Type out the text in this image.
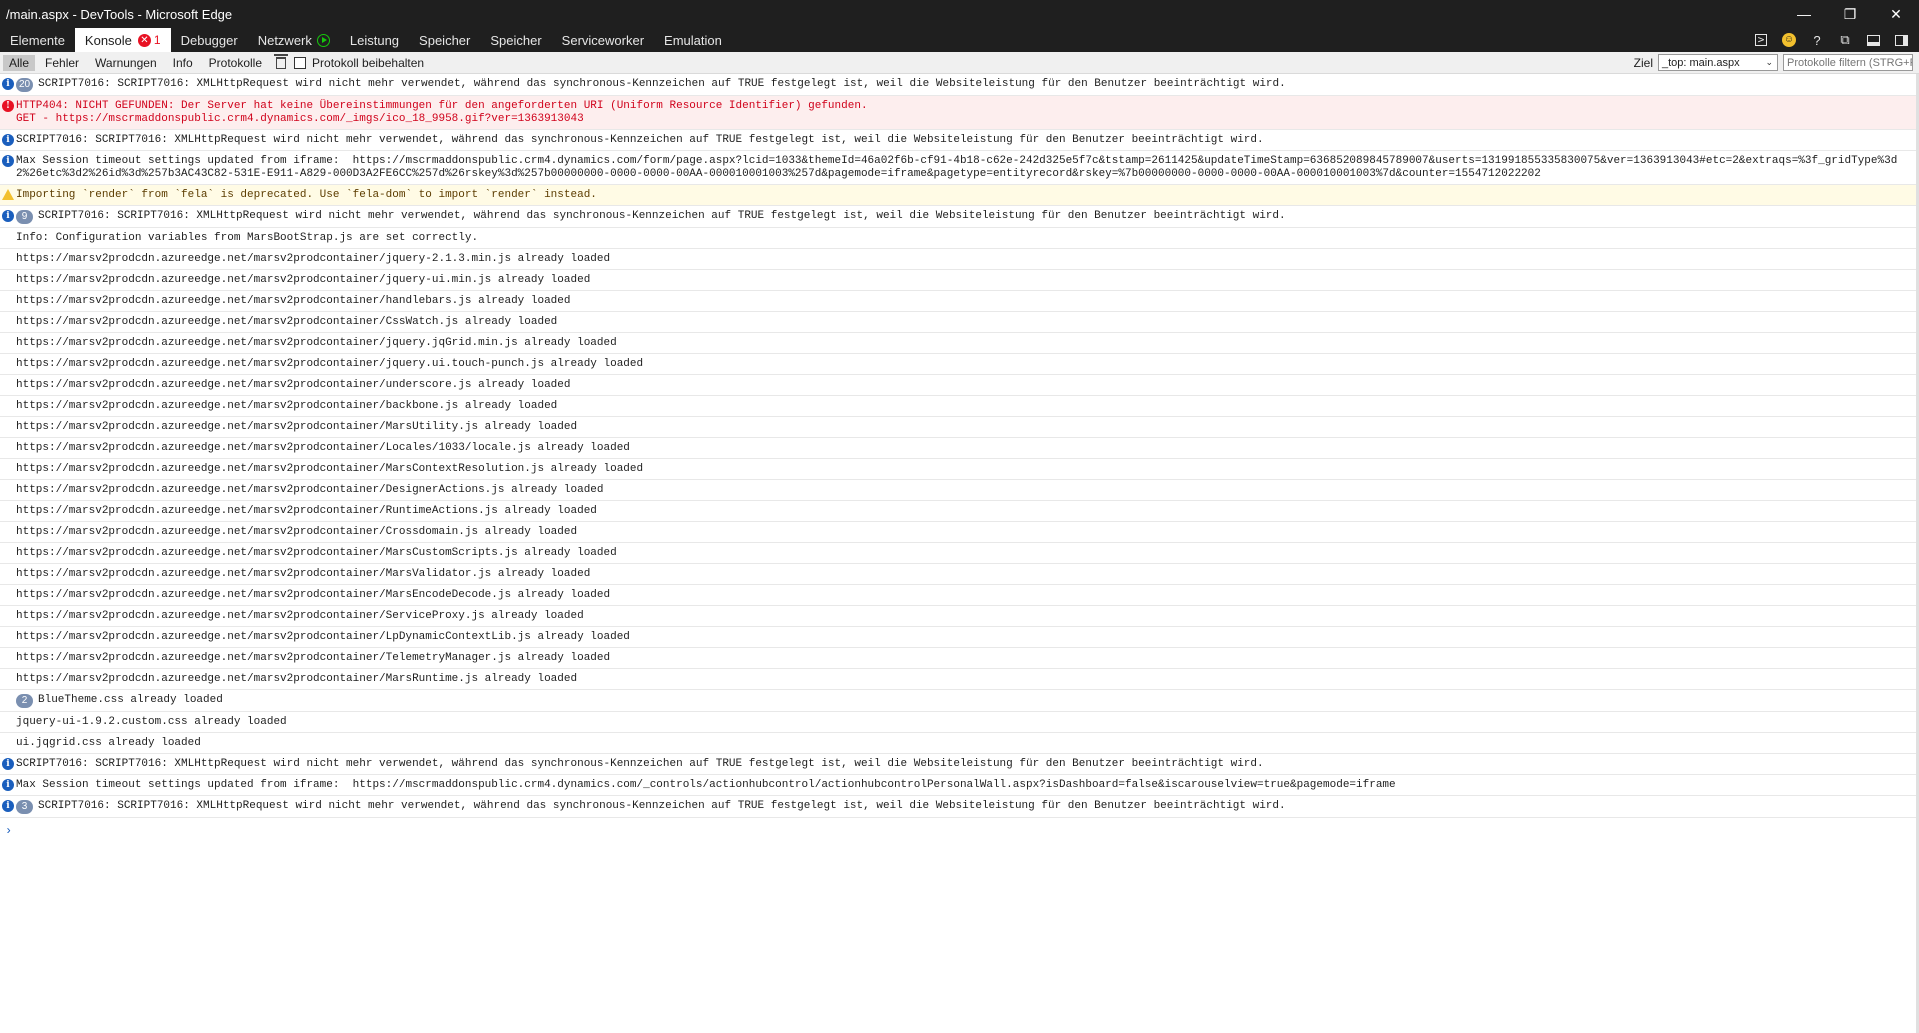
/main.aspx - DevTools - Microsoft Edge	—	❐	✕
Elemente Konsole ✕ 1 Debugger Netzwerk	Leistung Speicher Speicher Serviceworker Emulation	>	☺ ? ⧉
Alle	Fehler	Warnungen	Info	Protokolle	Protokoll beibehalten	Ziel _top: main.aspx	⌄
Protokolle filtern (STRG+F)
i 20 SCRIPT7016: SCRIPT7016: XMLHttpRequest wird nicht mehr verwendet, während das synchronous-Kennzeichen auf TRUE festgelegt ist, weil die Websiteleistung für den Benutzer beeinträchtigt wird.
! HTTP404: NICHT GEFUNDEN: Der Server hat keine Übereinstimmungen für den angeforderten URI (Uniform Resource Identifier) gefunden.
GET - https://mscrmaddonspublic.crm4.dynamics.com/_imgs/ico_18_9958.gif?ver=1363913043
i SCRIPT7016: SCRIPT7016: XMLHttpRequest wird nicht mehr verwendet, während das synchronous-Kennzeichen auf TRUE festgelegt ist, weil die Websiteleistung für den Benutzer beeinträchtigt wird.
i Max Session timeout settings updated from iframe:  https://mscrmaddonspublic.crm4.dynamics.com/form/page.aspx?lcid=1033&themeId=46a02f6b-cf91-4b18-c62e-242d325e5f7c&tstamp=2611425&updateTimeStamp=636852089845789007&userts=131991855335830075&ver=1363913043#etc=2&extraqs=%3f_gridType%3d2%26etc%3d2%26id%3d%257b3AC43C82-531E-E911-A829-000D3A2FE6CC%257d%26rskey%3d%257b00000000-0000-0000-00AA-000010001003%257d&pagemode=iframe&pagetype=entityrecord&rskey=%7b00000000-0000-0000-00AA-000010001003%7d&counter=1554712022202
Importing `render` from `fela` is deprecated. Use `fela-dom` to import `render` instead.
i	9 SCRIPT7016: SCRIPT7016: XMLHttpRequest wird nicht mehr verwendet, während das synchronous-Kennzeichen auf TRUE festgelegt ist, weil die Websiteleistung für den Benutzer beeinträchtigt wird.
Info: Configuration variables from MarsBootStrap.js are set correctly.
https://marsv2prodcdn.azureedge.net/marsv2prodcontainer/jquery-2.1.3.min.js already loaded
https://marsv2prodcdn.azureedge.net/marsv2prodcontainer/jquery-ui.min.js already loaded
https://marsv2prodcdn.azureedge.net/marsv2prodcontainer/handlebars.js already loaded
https://marsv2prodcdn.azureedge.net/marsv2prodcontainer/CssWatch.js already loaded
https://marsv2prodcdn.azureedge.net/marsv2prodcontainer/jquery.jqGrid.min.js already loaded
https://marsv2prodcdn.azureedge.net/marsv2prodcontainer/jquery.ui.touch-punch.js already loaded
https://marsv2prodcdn.azureedge.net/marsv2prodcontainer/underscore.js already loaded
https://marsv2prodcdn.azureedge.net/marsv2prodcontainer/backbone.js already loaded
https://marsv2prodcdn.azureedge.net/marsv2prodcontainer/MarsUtility.js already loaded
https://marsv2prodcdn.azureedge.net/marsv2prodcontainer/Locales/1033/locale.js already loaded
https://marsv2prodcdn.azureedge.net/marsv2prodcontainer/MarsContextResolution.js already loaded
https://marsv2prodcdn.azureedge.net/marsv2prodcontainer/DesignerActions.js already loaded
https://marsv2prodcdn.azureedge.net/marsv2prodcontainer/RuntimeActions.js already loaded
https://marsv2prodcdn.azureedge.net/marsv2prodcontainer/Crossdomain.js already loaded
https://marsv2prodcdn.azureedge.net/marsv2prodcontainer/MarsCustomScripts.js already loaded
https://marsv2prodcdn.azureedge.net/marsv2prodcontainer/MarsValidator.js already loaded
https://marsv2prodcdn.azureedge.net/marsv2prodcontainer/MarsEncodeDecode.js already loaded
https://marsv2prodcdn.azureedge.net/marsv2prodcontainer/ServiceProxy.js already loaded
https://marsv2prodcdn.azureedge.net/marsv2prodcontainer/LpDynamicContextLib.js already loaded
https://marsv2prodcdn.azureedge.net/marsv2prodcontainer/TelemetryManager.js already loaded
https://marsv2prodcdn.azureedge.net/marsv2prodcontainer/MarsRuntime.js already loaded
2 BlueTheme.css already loaded
jquery-ui-1.9.2.custom.css already loaded
ui.jqgrid.css already loaded
i SCRIPT7016: SCRIPT7016: XMLHttpRequest wird nicht mehr verwendet, während das synchronous-Kennzeichen auf TRUE festgelegt ist, weil die Websiteleistung für den Benutzer beeinträchtigt wird.
i Max Session timeout settings updated from iframe:  https://mscrmaddonspublic.crm4.dynamics.com/_controls/actionhubcontrol/actionhubcontrolPersonalWall.aspx?isDashboard=false&iscarouselview=true&pagemode=iframe
i	3 SCRIPT7016: SCRIPT7016: XMLHttpRequest wird nicht mehr verwendet, während das synchronous-Kennzeichen auf TRUE festgelegt ist, weil die Websiteleistung für den Benutzer beeinträchtigt wird.
›
